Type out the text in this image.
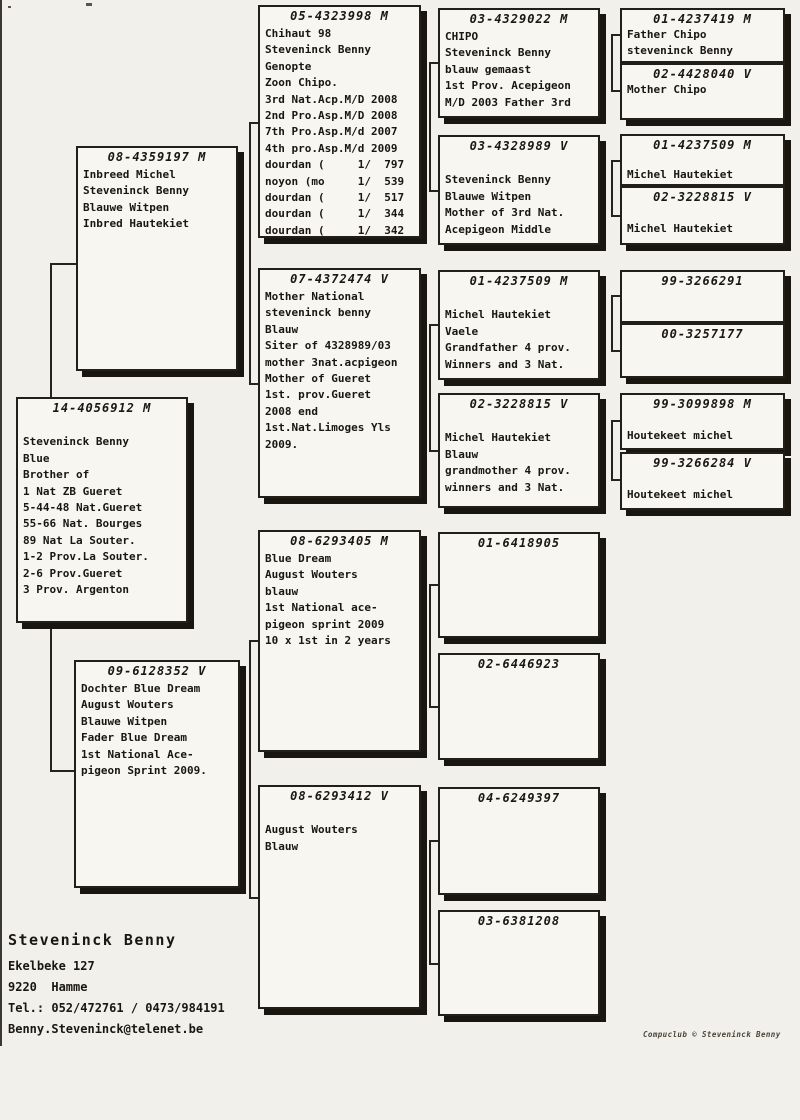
14-4056912 M

Steveninck Benny
Blue
Brother of
1 Nat ZB Gueret
5-44-48 Nat.Gueret
55-66 Nat. Bourges
89 Nat La Souter.
1-2 Prov.La Souter.
2-6 Prov.Gueret
3 Prov. Argenton
08-4359197 M
Inbreed Michel
Steveninck Benny
Blauwe Witpen
Inbred Hautekiet
09-6128352 V
Dochter Blue Dream
August Wouters
Blauwe Witpen
Fader Blue Dream
1st National Ace-
pigeon Sprint 2009.
05-4323998 M
Chihaut 98
Steveninck Benny
Genopte
Zoon Chipo.
3rd Nat.Acp.M/D 2008
2nd Pro.Asp.M/D 2008
7th Pro.Asp.M/d 2007
4th pro.Asp.M/d 2009
dourdan (     1/  797
noyon (mo     1/  539
dourdan (     1/  517
dourdan (     1/  344
dourdan (     1/  342
07-4372474 V
Mother National
steveninck benny
Blauw
Siter of 4328989/03
mother 3nat.acpigeon
Mother of Gueret
1st. prov.Gueret
2008 end
1st.Nat.Limoges Yls
2009.
08-6293405 M
Blue Dream
August Wouters
blauw
1st National ace-
pigeon sprint 2009
10 x 1st in 2 years
08-6293412 V

August Wouters
Blauw
03-4329022 M
CHIPO
Steveninck Benny
blauw gemaast
1st Prov. Acepigeon
M/D 2003 Father 3rd
03-4328989 V

Steveninck Benny
Blauwe Witpen
Mother of 3rd Nat.
Acepigeon Middle
01-4237509 M

Michel Hautekiet
Vaele
Grandfather 4 prov.
Winners and 3 Nat.
02-3228815 V

Michel Hautekiet
Blauw
grandmother 4 prov.
winners and 3 Nat.
01-6418905
02-6446923
04-6249397
03-6381208
01-4237419 M
Father Chipo
steveninck Benny
02-4428040 V
Mother Chipo
01-4237509 M

Michel Hautekiet
02-3228815 V

Michel Hautekiet
99-3266291
00-3257177
99-3099898 M
Houtekeet michel
99-3266284 V
Houtekeet michel
Steveninck Benny
Ekelbeke 127
9220  Hamme
Tel.: 052/472761 / 0473/984191
Benny.Steveninck@telenet.be	Compuclub © Steveninck Benny
